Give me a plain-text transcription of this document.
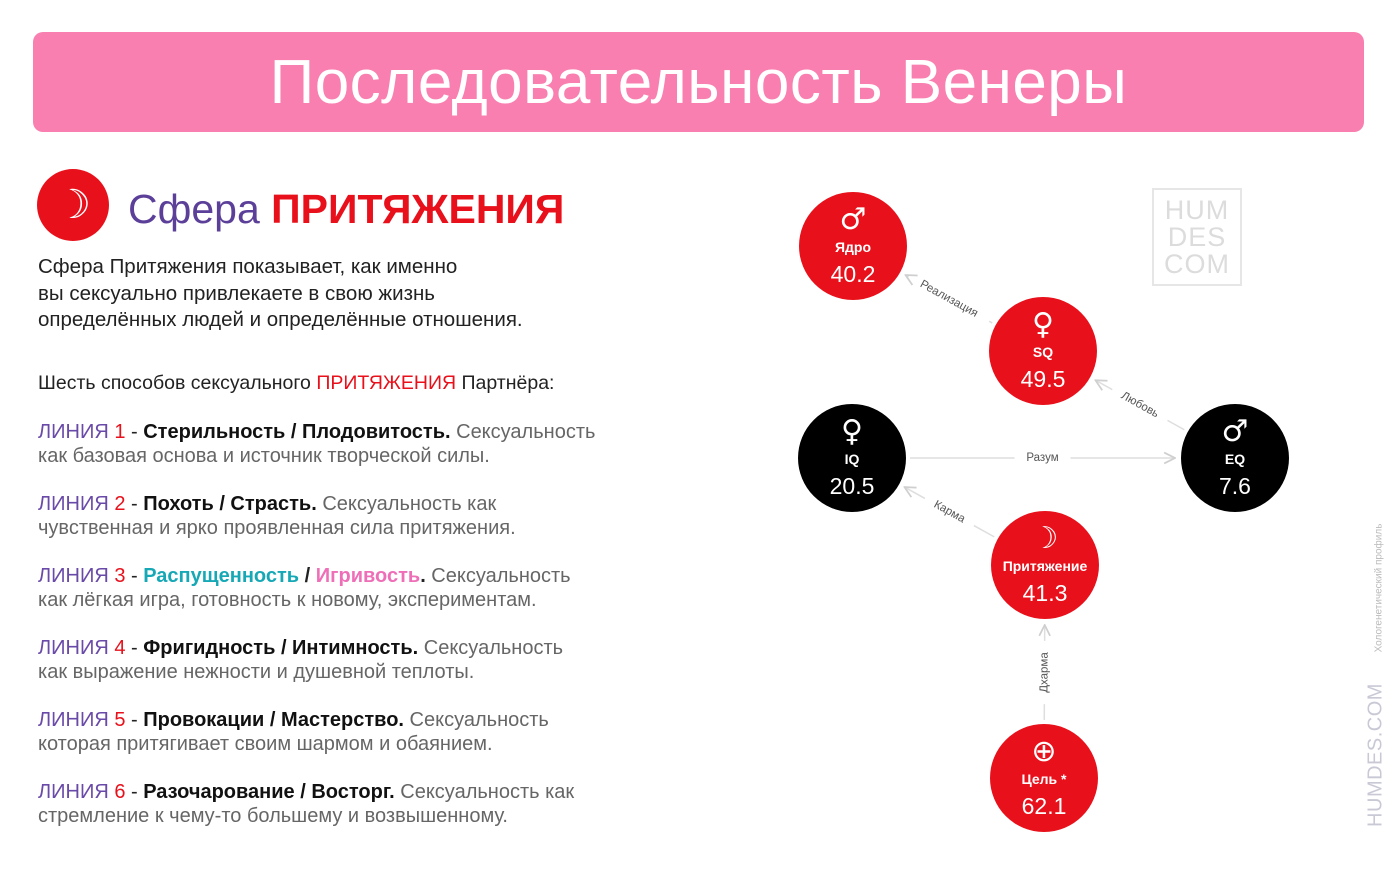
Последовательность Венеры
☽ Сфера ПРИТЯЖЕНИЯ

Сфера Притяжения показывает, как именно
вы сексуально привлекаете в свою жизнь
определённых людей и определённые отношения.

Шесть способов сексуального ПРИТЯЖЕНИЯ Партнёра:

ЛИНИЯ 1 - Стерильность / Плодовитость. Сексуальность
как базовая основа и источник творческой силы.

ЛИНИЯ 2 - Похоть / Страсть. Сексуальность как
чувственная и ярко проявленная сила притяжения.

ЛИНИЯ 3 - Распущенность / Игривость. Сексуальность
как лёгкая игра, готовность к новому, экспериментам.

ЛИНИЯ 4 - Фригидность / Интимность. Сексуальность
как выражение нежности и душевной теплоты.

ЛИНИЯ 5 - Провокации / Мастерство. Сексуальность
которая притягивает своим шармом и обаянием.

ЛИНИЯ 6 - Разочарование / Восторг. Сексуальность как
стремление к чему-то большему и возвышенному.

HUM
DES
COM
Хологенетический профиль
HUMDES.COM
Реализация
Любовь
Разум
Карма
Дхарма
♂
Ядро
40.2
♀
SQ
49.5
♀
IQ
20.5
♂
EQ
7.6
☽
Притяжение
41.3
⊕
Цель *
62.1
